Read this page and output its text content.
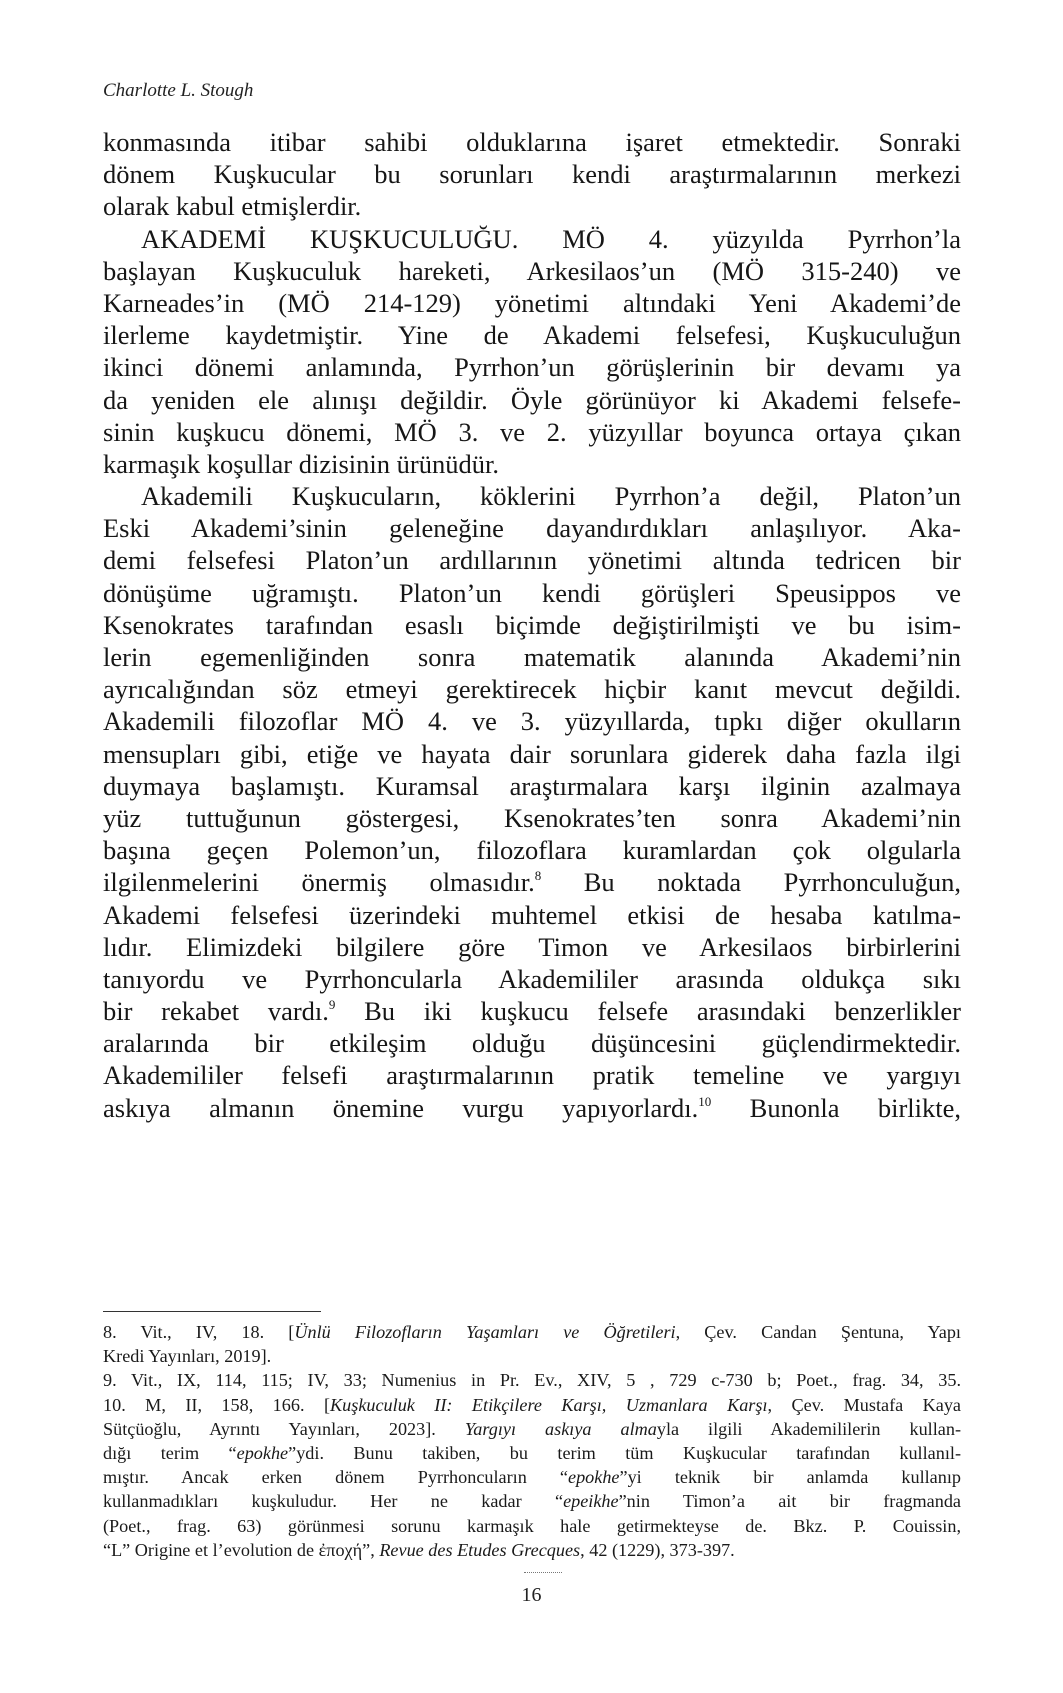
Charlotte L. Stough
konmasında itibar sahibi olduklarına işaret etmektedir. Sonraki
dönem Kuşkucular bu sorunları kendi araştırmalarının merkezi
olarak kabul etmişlerdir.
AKADEMİ KUŞKUCULUĞU. MÖ 4. yüzyılda Pyrrhon’la
başlayan Kuşkuculuk hareketi, Arkesilaos’un (MÖ 315-240) ve
Karneades’in (MÖ 214-129) yönetimi altındaki Yeni Akademi’de
ilerleme kaydetmiştir. Yine de Akademi felsefesi, Kuşkuculuğun
ikinci dönemi anlamında, Pyrrhon’un görüşlerinin bir devamı ya
da yeniden ele alınışı değildir. Öyle görünüyor ki Akademi felsefe-
sinin kuşkucu dönemi, MÖ 3. ve 2. yüzyıllar boyunca ortaya çıkan
karmaşık koşullar dizisinin ürünüdür.
Akademili Kuşkucuların, köklerini Pyrrhon’a değil, Platon’un
Eski Akademi’sinin geleneğine dayandırdıkları anlaşılıyor. Aka-
demi felsefesi Platon’un ardıllarının yönetimi altında tedricen bir
dönüşüme uğramıştı. Platon’un kendi görüşleri Speusippos ve
Ksenokrates tarafından esaslı biçimde değiştirilmişti ve bu isim-
lerin egemenliğinden sonra matematik alanında Akademi’nin
ayrıcalığından söz etmeyi gerektirecek hiçbir kanıt mevcut değildi.
Akademili filozoflar MÖ 4. ve 3. yüzyıllarda, tıpkı diğer okulların
mensupları gibi, etiğe ve hayata dair sorunlara giderek daha fazla ilgi
duymaya başlamıştı. Kuramsal araştırmalara karşı ilginin azalmaya
yüz tuttuğunun göstergesi, Ksenokrates’ten sonra Akademi’nin
başına geçen Polemon’un, filozoflara kuramlardan çok olgularla
ilgilenmelerini önermiş olmasıdır.$^8$ Bu noktada Pyrrhonculuğun,
Akademi felsefesi üzerindeki muhtemel etkisi de hesaba katılma-
lıdır. Elimizdeki bilgilere göre Timon ve Arkesilaos birbirlerini
tanıyordu ve Pyrrhoncularla Akademililer arasında oldukça sıkı
bir rekabet vardı.$^9$ Bu iki kuşkucu felsefe arasındaki benzerlikler
aralarında bir etkileşim olduğu düşüncesini güçlendirmektedir.
Akademililer felsefi araştırmalarının pratik temeline ve yargıyı
askıya almanın önemine vurgu yapıyorlardı.$^{10}$ Bunonla birlikte,
8. Vit., IV, 18. [Ünlü Filozofların Yaşamları ve Öğretileri, Çev. Candan Şentuna, Yapı
Kredi Yayınları, 2019].
9. Vit., IX, 114, 115; IV, 33; Numenius in Pr. Ev., XIV, 5 , 729 c-730 b; Poet., frag. 34, 35.
10. M, II, 158, 166. [Kuşkuculuk II: Etikçilere Karşı, Uzmanlara Karşı, Çev. Mustafa Kaya
Sütçüoğlu, Ayrıntı Yayınları, 2023]. Yargıyı askıya almayla ilgili Akademililerin kullan-
dığı terim “epokhe”ydi. Bunu takiben, bu terim tüm Kuşkucular tarafından kullanıl-
mıştır. Ancak erken dönem Pyrrhoncuların “epokhe”yi teknik bir anlamda kullanıp
kullanmadıkları kuşkuludur. Her ne kadar “epeikhe”nin Timon’a ait bir fragmanda
(Poet., frag. 63) görünmesi sorunu karmaşık hale getirmekteyse de. Bkz. P. Couissin,
“L” Origine et l’evolution de ἐποχή”, Revue des Etudes Grecques, 42 (1229), 373-397.
16
